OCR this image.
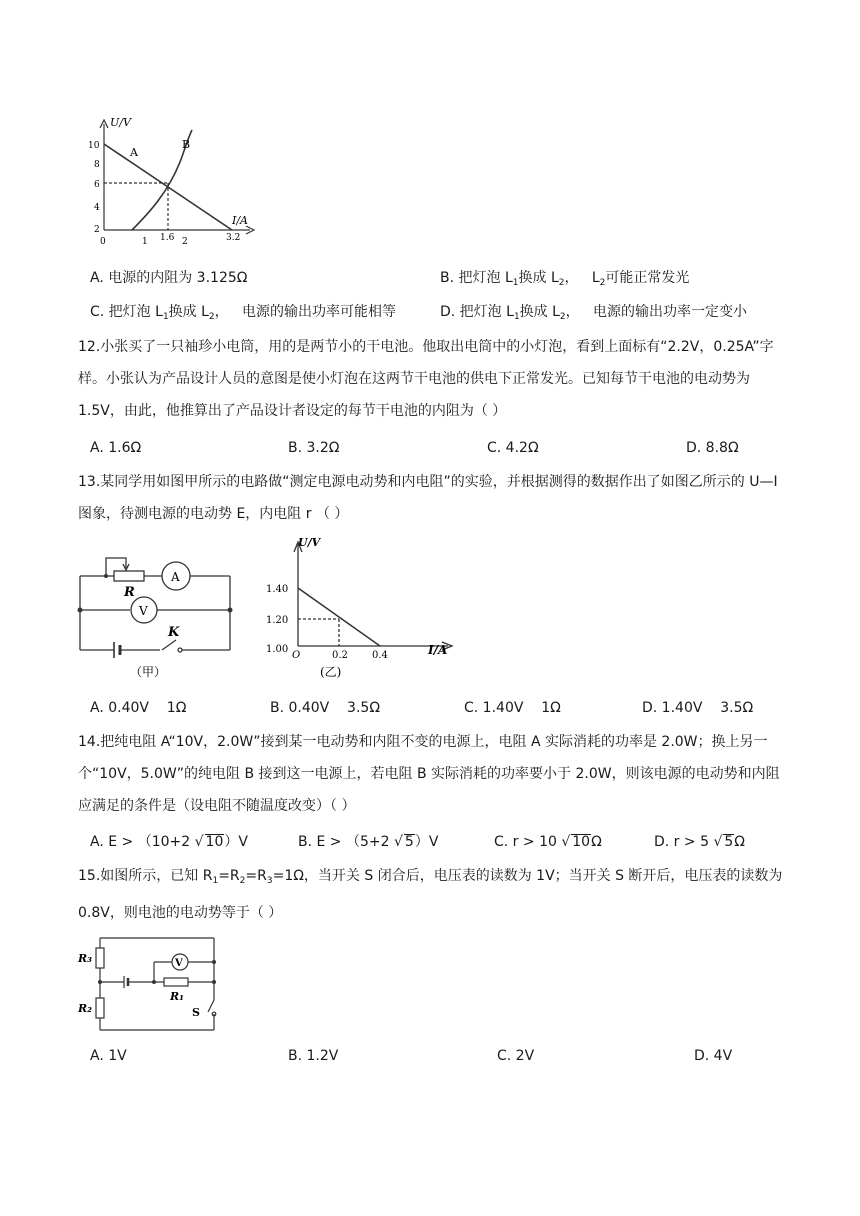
U/V
I/A
A
B
10
8
6
4
2
0	1 1.6 2	3.2
A. 电源的内阻为 3.125Ω	B. 把灯泡 $L_1$换成 $L_2$，   $L_2$可能正常发光
C. 把灯泡 $L_1$换成 $L_2$，   电源的输出功率可能相等	D. 把灯泡 $L_1$换成 $L_2$，   电源的输出功率一定变小
12.小张买了一只袖珍小电筒，用的是两节小的干电池。他取出电筒中的小灯泡，看到上面标有“2.2V，0.25A”字样。小张认为产品设计人员的意图是使小灯泡在这两节干电池的供电下正常发光。已知每节干电池的电动势为 1.5V，由此，他推算出了产品设计者设定的每节干电池的内阻为（ ）
A. 1.6Ω	B. 3.2Ω	C. 4.2Ω	D. 8.8Ω
13.某同学用如图甲所示的电路做“测定电源电动势和内电阻”的实验，并根据测得的数据作出了如图乙所示的 U—I 图象，待测电源的电动势 E，内电阻 r （ ）
A
V
R
K
（甲）
U/V
I/A
1.40
1.20
1.00
O	0.2 0.4
(乙)
A. 0.40V    1Ω	B. 0.40V    3.5Ω	C. 1.40V    1Ω	D. 1.40V    3.5Ω
14.把纯电阻 A“10V，2.0W”接到某一电动势和内阻不变的电源上，电阻 A 实际消耗的功率是 2.0W；换上另一个“10V，5.0W”的纯电阻 B 接到这一电源上，若电阻 B 实际消耗的功率要小于 2.0W，则该电源的电动势和内阻应满足的条件是（设电阻不随温度改变）（ ）
A. E > （10+2 √ 10）V	B. E > （5+2 √ 5）V	C. r > 10 √ 10Ω	D. r > 5 √ 5Ω
15.如图所示，已知 $R_1=R_2=R_3=1\Omega$，当开关 S 闭合后，电压表的读数为 1V；当开关 S 断开后，电压表的读数为 0.8V，则电池的电动势等于（ ）
R₃
R₂
R₁
V
S
A. 1V	B. 1.2V	C. 2V	D. 4V
